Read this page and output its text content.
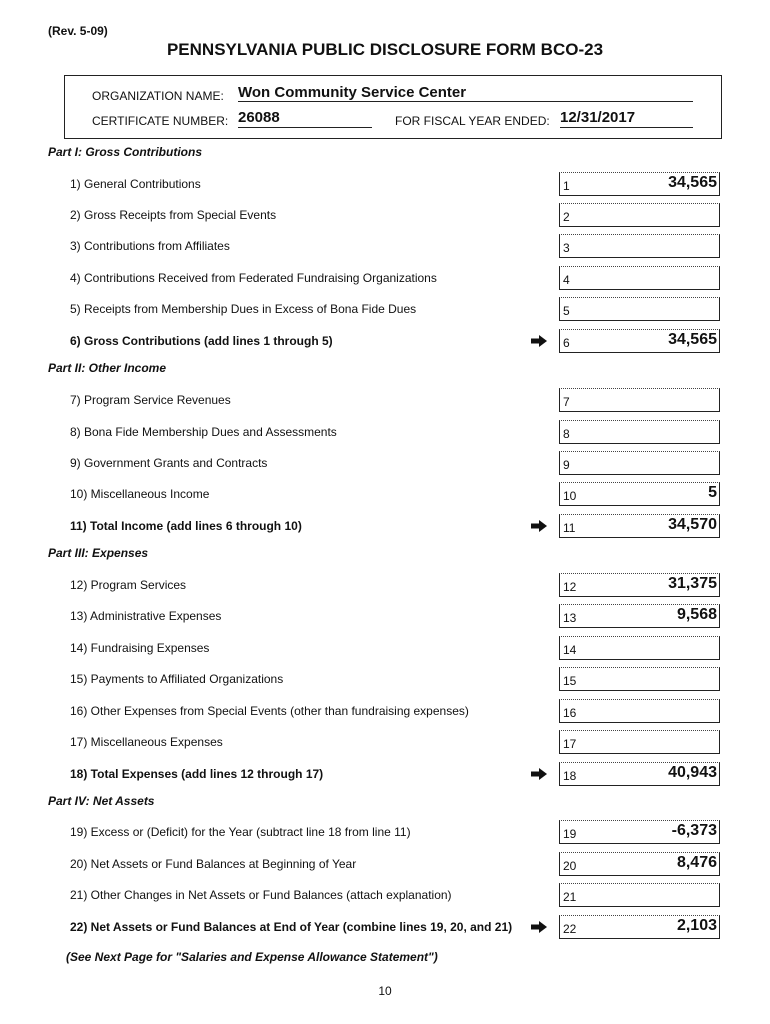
(Rev. 5-09)
PENNSYLVANIA PUBLIC DISCLOSURE FORM BCO-23
ORGANIZATION NAME: Won Community Service Center
CERTIFICATE NUMBER: 26088	FOR FISCAL YEAR ENDED: 12/31/2017
Part I: Gross Contributions
Part II: Other Income
Part III: Expenses
Part IV: Net Assets
1) General Contributions	1	34,565
2) Gross Receipts from Special Events	2
3) Contributions from Affiliates	3
4) Contributions Received from Federated Fundraising Organizations	4
5) Receipts from Membership Dues in Excess of Bona Fide Dues	5
6) Gross Contributions (add lines 1 through 5)	6	34,565
7) Program Service Revenues	7
8) Bona Fide Membership Dues and Assessments	8
9) Government Grants and Contracts	9
10) Miscellaneous Income	10	5
11) Total Income (add lines 6 through 10)	11	34,570
12) Program Services	12	31,375
13) Administrative Expenses	13	9,568
14) Fundraising Expenses	14
15) Payments to Affiliated Organizations	15
16) Other Expenses from Special Events (other than fundraising expenses)	16
17) Miscellaneous Expenses	17
18) Total Expenses (add lines 12 through 17)	18	40,943
19) Excess or (Deficit) for the Year (subtract line 18 from line 11)	19	-6,373
20) Net Assets or Fund Balances at Beginning of Year	20	8,476
21) Other Changes in Net Assets or Fund Balances (attach explanation)	21
22) Net Assets or Fund Balances at End of Year (combine lines 19, 20, and 21)	22	2,103
(See Next Page for "Salaries and Expense Allowance Statement")
10
